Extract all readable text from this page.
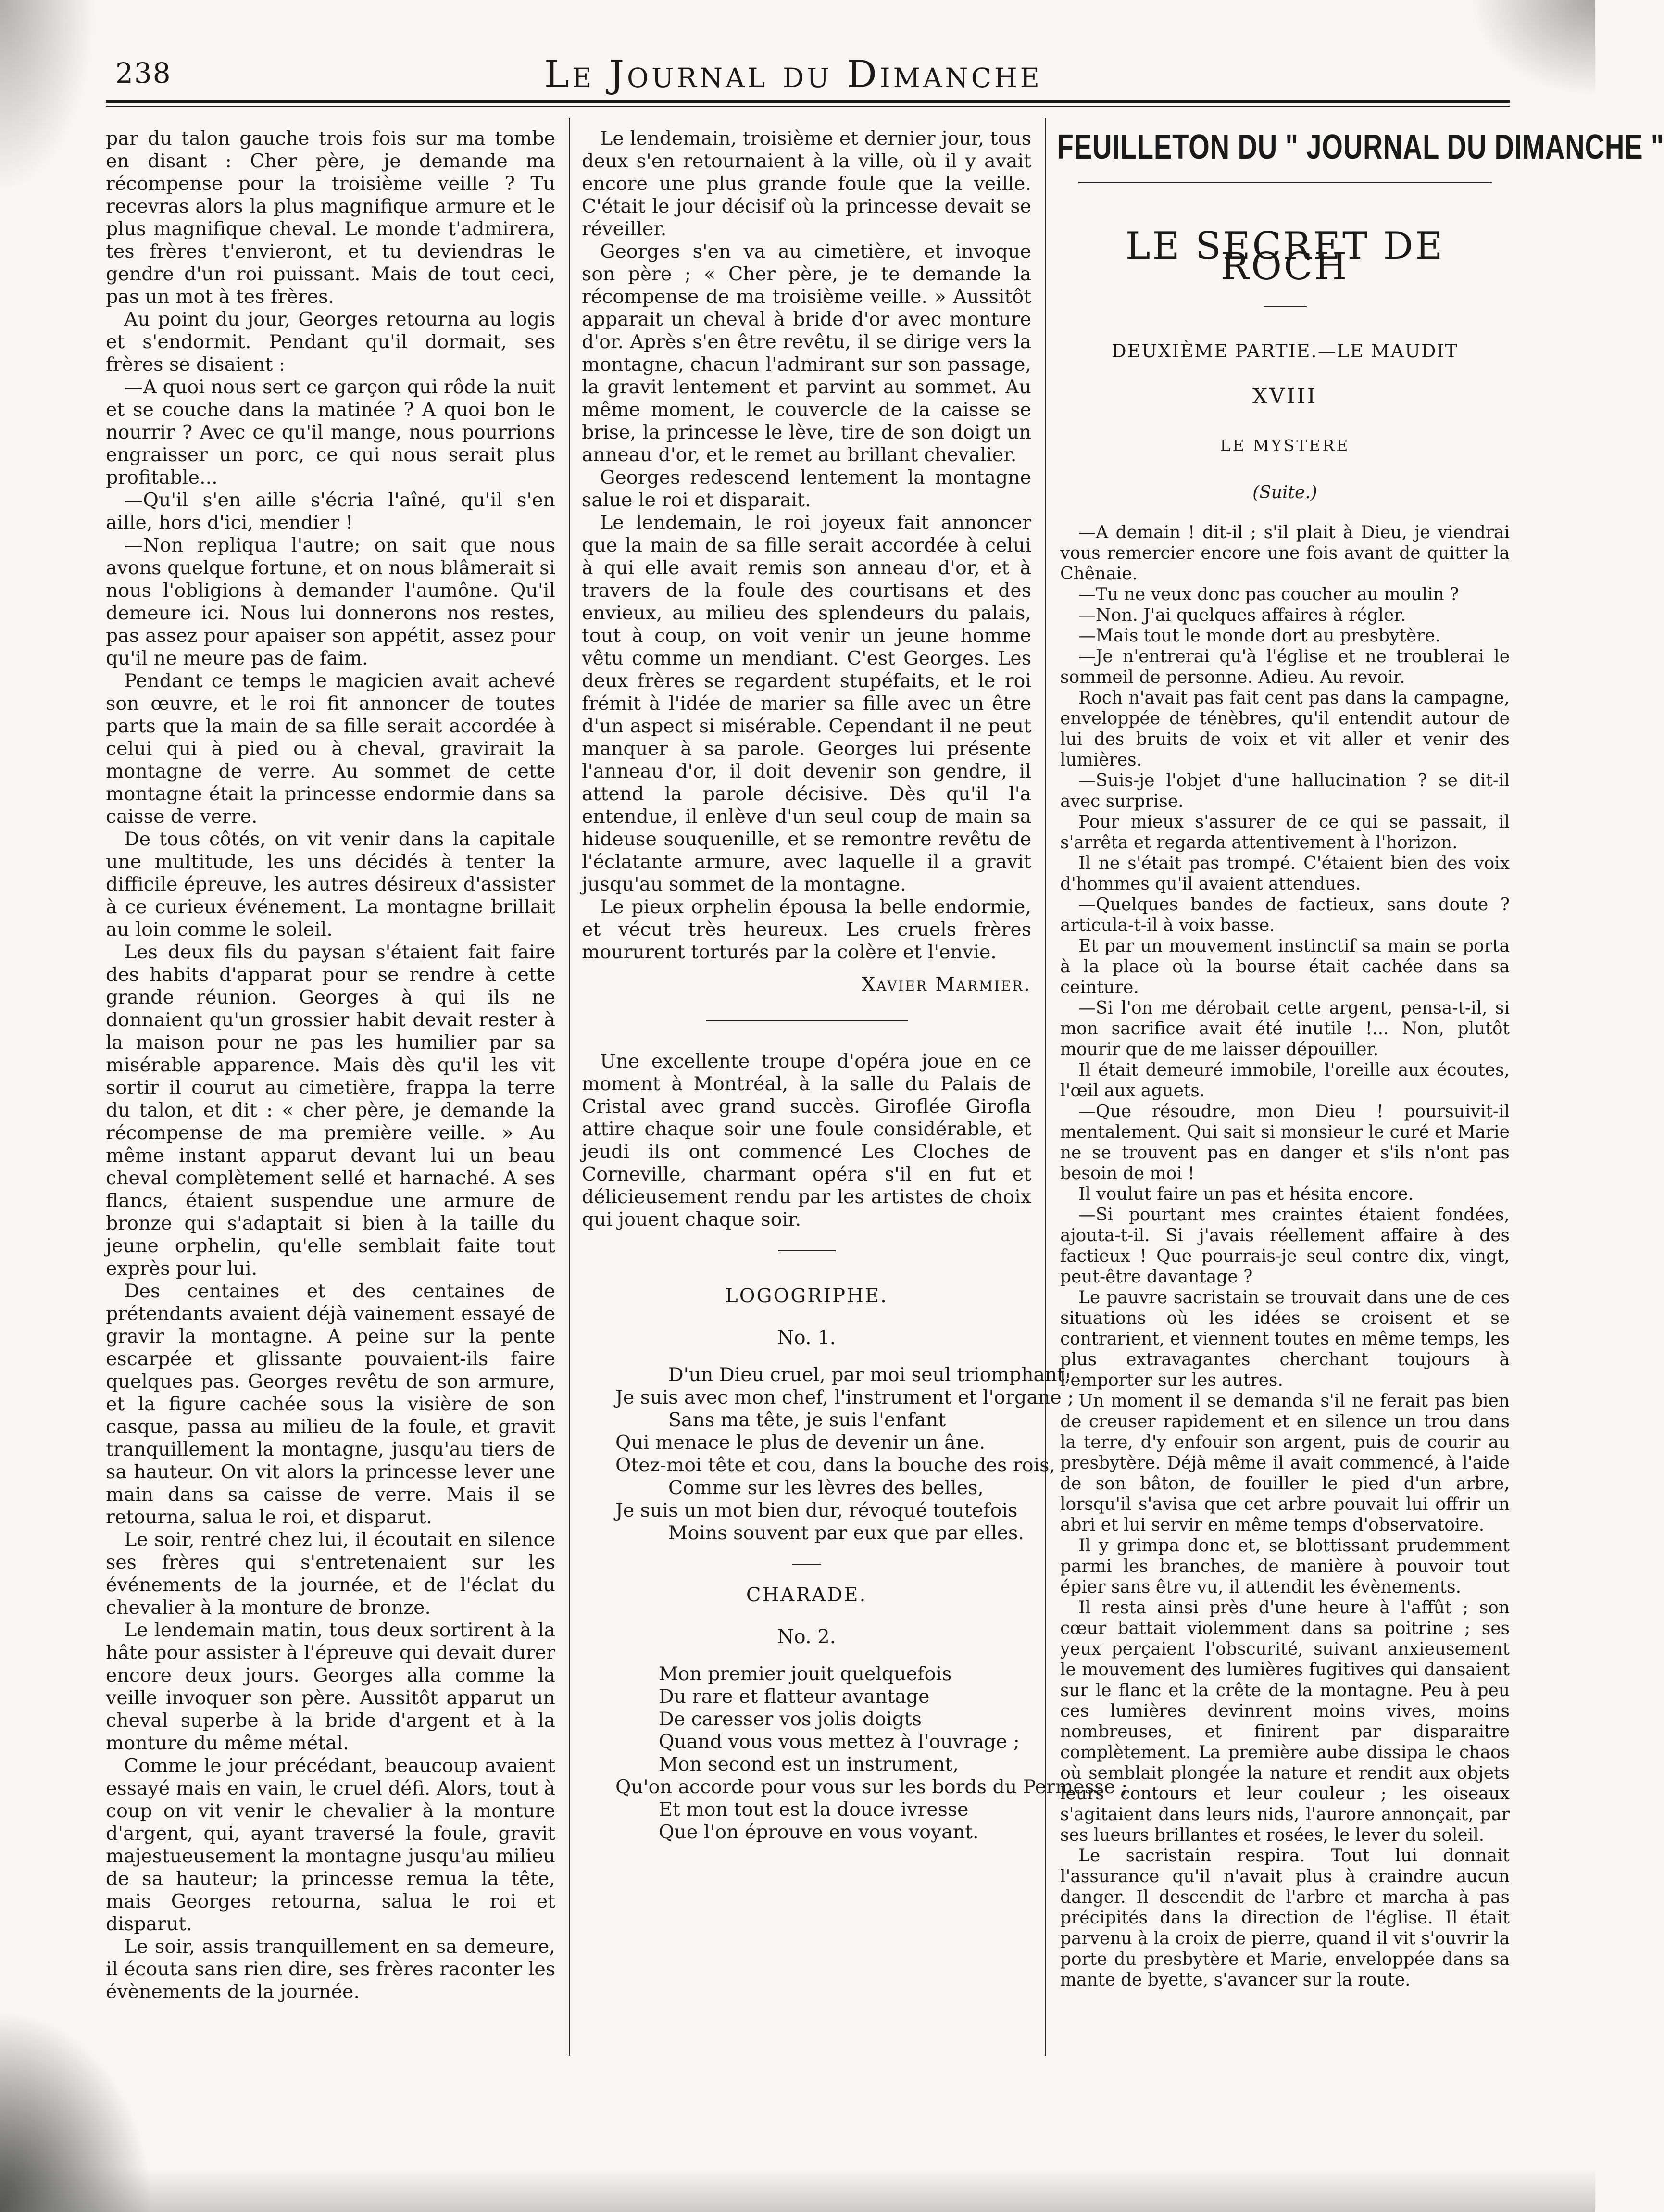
238	Le Journal du Dimanche

par du talon gauche trois fois sur ma tombe en disant : Cher père, je demande ma récompense pour la troisième veille ? Tu recevras alors la plus magnifique armure et le plus magnifique cheval. Le monde t'admirera, tes frères t'envieront, et tu deviendras le gendre d'un roi puissant. Mais de tout ceci, pas un mot à tes frères.

Au point du jour, Georges retourna au logis et s'endormit. Pendant qu'il dormait, ses frères se disaient :

—A quoi nous sert ce garçon qui rôde la nuit et se couche dans la matinée ? A quoi bon le nourrir ? Avec ce qu'il mange, nous pourrions engraisser un porc, ce qui nous serait plus profitable...

—Qu'il s'en aille s'écria l'aîné, qu'il s'en aille, hors d'ici, mendier !

—Non repliqua l'autre; on sait que nous avons quelque fortune, et on nous blâmerait si nous l'obligions à demander l'aumône. Qu'il demeure ici. Nous lui donnerons nos restes, pas assez pour apaiser son appétit, assez pour qu'il ne meure pas de faim.

Pendant ce temps le magicien avait achevé son œuvre, et le roi fit annoncer de toutes parts que la main de sa fille serait accordée à celui qui à pied ou à cheval, gravirait la montagne de verre. Au sommet de cette montagne était la princesse endormie dans sa caisse de verre.

De tous côtés, on vit venir dans la capitale une multitude, les uns décidés à tenter la difficile épreuve, les autres désireux d'assister à ce curieux événement. La montagne brillait au loin comme le soleil.

Les deux fils du paysan s'étaient fait faire des habits d'apparat pour se rendre à cette grande réunion. Georges à qui ils ne donnaient qu'un grossier habit devait rester à la maison pour ne pas les humilier par sa misérable apparence. Mais dès qu'il les vit sortir il courut au cimetière, frappa la terre du talon, et dit : « cher père, je demande la récompense de ma première veille. » Au même instant apparut devant lui un beau cheval complètement sellé et harnaché. A ses flancs, étaient suspendue une armure de bronze qui s'adaptait si bien à la taille du jeune orphelin, qu'elle semblait faite tout exprès pour lui.

Des centaines et des centaines de prétendants avaient déjà vainement essayé de gravir la montagne. A peine sur la pente escarpée et glissante pouvaient-ils faire quelques pas. Georges revêtu de son armure, et la figure cachée sous la visière de son casque, passa au milieu de la foule, et gravit tranquillement la montagne, jusqu'au tiers de sa hauteur. On vit alors la princesse lever une main dans sa caisse de verre. Mais il se retourna, salua le roi, et disparut.

Le soir, rentré chez lui, il écoutait en silence ses frères qui s'entretenaient sur les événements de la journée, et de l'éclat du chevalier à la monture de bronze.

Le lendemain matin, tous deux sortirent à la hâte pour assister à l'épreuve qui devait durer encore deux jours. Georges alla comme la veille invoquer son père. Aussitôt apparut un cheval superbe à la bride d'argent et à la monture du même métal.

Comme le jour précédant, beaucoup avaient essayé mais en vain, le cruel défi. Alors, tout à coup on vit venir le chevalier à la monture d'argent, qui, ayant traversé la foule, gravit majestueusement la montagne jusqu'au milieu de sa hauteur; la princesse remua la tête, mais Georges retourna, salua le roi et disparut.

Le soir, assis tranquillement en sa demeure, il écouta sans rien dire, ses frères raconter les évènements de la journée.

Le lendemain, troisième et dernier jour, tous deux s'en retournaient à la ville, où il y avait encore une plus grande foule que la veille. C'était le jour décisif où la princesse devait se réveiller.

Georges s'en va au cimetière, et invoque son père ; « Cher père, je te demande la récompense de ma troisième veille. » Aussitôt apparait un cheval à bride d'or avec monture d'or. Après s'en être revêtu, il se dirige vers la montagne, chacun l'admirant sur son passage, la gravit lentement et parvint au sommet. Au même moment, le couvercle de la caisse se brise, la princesse le lève, tire de son doigt un anneau d'or, et le remet au brillant chevalier.

Georges redescend lentement la montagne salue le roi et disparait.

Le lendemain, le roi joyeux fait annoncer que la main de sa fille serait accordée à celui à qui elle avait remis son anneau d'or, et à travers de la foule des courtisans et des envieux, au milieu des splendeurs du palais, tout à coup, on voit venir un jeune homme vêtu comme un mendiant. C'est Georges. Les deux frères se regardent stupéfaits, et le roi frémit à l'idée de marier sa fille avec un être d'un aspect si misérable. Cependant il ne peut manquer à sa parole. Georges lui présente l'anneau d'or, il doit devenir son gendre, il attend la parole décisive. Dès qu'il l'a entendue, il enlève d'un seul coup de main sa hideuse souquenille, et se remontre revêtu de l'éclatante armure, avec laquelle il a gravit jusqu'au sommet de la montagne.

Le pieux orphelin épousa la belle endormie, et vécut très heureux. Les cruels frères moururent torturés par la colère et l'envie.

Xavier Marmier.

Une excellente troupe d'opéra joue en ce moment à Montréal, à la salle du Palais de Cristal avec grand succès. Giroflée Girofla attire chaque soir une foule considérable, et jeudi ils ont commencé Les Cloches de Corneville, charmant opéra s'il en fut et délicieusement rendu par les artistes de choix qui jouent chaque soir.

LOGOGRIPHE.
No. 1.
D'un Dieu cruel, par moi seul triomphant,
Je suis avec mon chef, l'instrument et l'organe ;
Sans ma tête, je suis l'enfant
Qui menace le plus de devenir un âne.
Otez-moi tête et cou, dans la bouche des rois,
Comme sur les lèvres des belles,
Je suis un mot bien dur, révoqué toutefois
Moins souvent par eux que par elles.
CHARADE.
No. 2.
Mon premier jouit quelquefois
Du rare et flatteur avantage
De caresser vos jolis doigts
Quand vous vous mettez à l'ouvrage ;
Mon second est un instrument,
Qu'on accorde pour vous sur les bords du Permesse ;
Et mon tout est la douce ivresse
Que l'on éprouve en vous voyant.
FEUILLETON DU " JOURNAL DU DIMANCHE "
LE SECRET DE ROCH
DEUXIÈME PARTIE.—LE MAUDIT
XVIII
LE MYSTERE
(Suite.)

—A demain ! dit-il ; s'il plait à Dieu, je viendrai vous remercier encore une fois avant de quitter la Chênaie.

—Tu ne veux donc pas coucher au moulin ?

—Non. J'ai quelques affaires à régler.

—Mais tout le monde dort au presbytère.

—Je n'entrerai qu'à l'église et ne troublerai le sommeil de personne. Adieu. Au revoir.

Roch n'avait pas fait cent pas dans la campagne, enveloppée de ténèbres, qu'il entendit autour de lui des bruits de voix et vit aller et venir des lumières.

—Suis-je l'objet d'une hallucination ? se dit-il avec surprise.

Pour mieux s'assurer de ce qui se passait, il s'arrêta et regarda attentivement à l'horizon.

Il ne s'était pas trompé. C'étaient bien des voix d'hommes qu'il avaient attendues.

—Quelques bandes de factieux, sans doute ? articula-t-il à voix basse.

Et par un mouvement instinctif sa main se porta à la place où la bourse était cachée dans sa ceinture.

—Si l'on me dérobait cette argent, pensa-t-il, si mon sacrifice avait été inutile !... Non, plutôt mourir que de me laisser dépouiller.

Il était demeuré immobile, l'oreille aux écoutes, l'œil aux aguets.

—Que résoudre, mon Dieu ! poursuivit-il mentalement. Qui sait si monsieur le curé et Marie ne se trouvent pas en danger et s'ils n'ont pas besoin de moi !

Il voulut faire un pas et hésita encore.

—Si pourtant mes craintes étaient fondées, ajouta-t-il. Si j'avais réellement affaire à des factieux ! Que pourrais-je seul contre dix, vingt, peut-être davantage ?

Le pauvre sacristain se trouvait dans une de ces situations où les idées se croisent et se contrarient, et viennent toutes en même temps, les plus extravagantes cherchant toujours à l'emporter sur les autres.

Un moment il se demanda s'il ne ferait pas bien de creuser rapidement et en silence un trou dans la terre, d'y enfouir son argent, puis de courir au presbytère. Déjà même il avait commencé, à l'aide de son bâton, de fouiller le pied d'un arbre, lorsqu'il s'avisa que cet arbre pouvait lui offrir un abri et lui servir en même temps d'observatoire.

Il y grimpa donc et, se blottissant prudemment parmi les branches, de manière à pouvoir tout épier sans être vu, il attendit les évènements.

Il resta ainsi près d'une heure à l'affût ; son cœur battait violemment dans sa poitrine ; ses yeux perçaient l'obscurité, suivant anxieusement le mouvement des lumières fugitives qui dansaient sur le flanc et la crête de la montagne. Peu à peu ces lumières devinrent moins vives, moins nombreuses, et finirent par disparaitre complètement. La première aube dissipa le chaos où semblait plongée la nature et rendit aux objets leurs contours et leur couleur ; les oiseaux s'agitaient dans leurs nids, l'aurore annonçait, par ses lueurs brillantes et rosées, le lever du soleil.

Le sacristain respira. Tout lui donnait l'assurance qu'il n'avait plus à craindre aucun danger. Il descendit de l'arbre et marcha à pas précipités dans la direction de l'église. Il était parvenu à la croix de pierre, quand il vit s'ouvrir la porte du presbytère et Marie, enveloppée dans sa mante de byette, s'avancer sur la route.
